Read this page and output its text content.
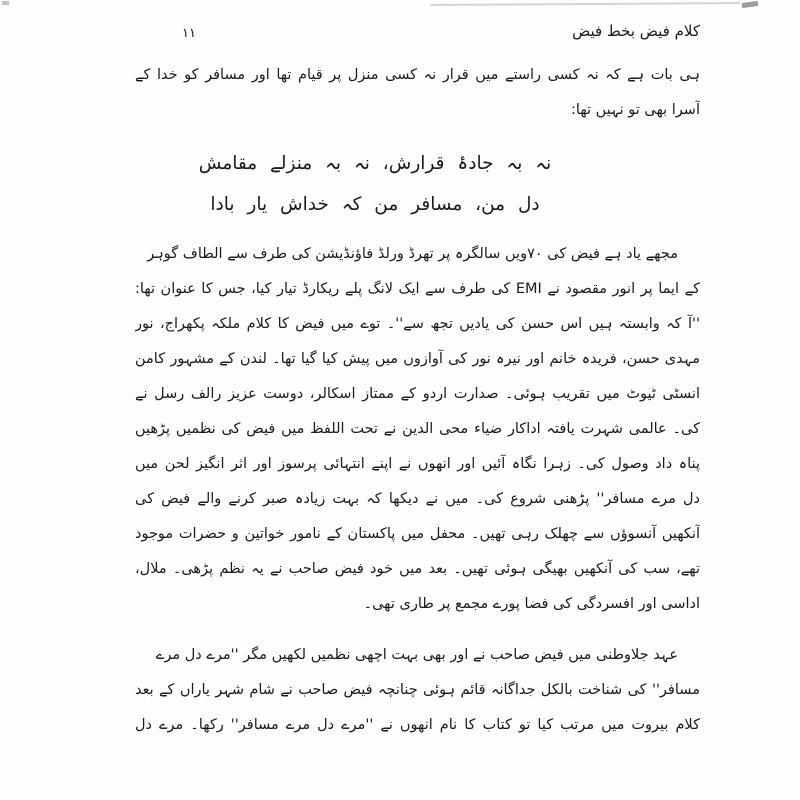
کلام فیض بخط فیض
۱۱
ہی بات ہے کہ نہ کسی راستے میں قرار نہ کسی منزل پر قیام تھا اور مسافر کو خدا کے
آسرا بھی تو نہیں تھا:
نہ بہ جادۂ قرارش، نہ بہ منزلے مقامش
دل من، مسافر من کہ خداش یار بادا
مجھے یاد ہے فیض کی ۷۰ویں سالگرہ پر تھرڈ ورلڈ فاؤنڈیشن کی طرف سے الطاف گوہر
کے ایما پر انور مقصود نے EMI کی طرف سے ایک لانگ پلے ریکارڈ تیار کیا، جس کا عنوان تھا:
''آ کہ وابستہ ہیں اس حسن کی یادیں تجھ سے''۔ توے میں فیض کا کلام ملکہ پکھراج، نور
مہدی حسن، فریدہ خانم اور نیرہ نور کی آوازوں میں پیش کیا گیا تھا۔ لندن کے مشہور کامن
انسٹی ٹیوٹ میں تقریب ہوئی۔ صدارت اردو کے ممتاز اسکالر، دوست عزیز رالف رسل نے
کی۔ عالمی شہرت یافتہ اداکار ضیاء محی الدین نے تحت اللفظ میں فیض کی نظمیں پڑھیں
پناہ داد وصول کی۔ زہرا نگاہ آئیں اور انھوں نے اپنے انتہائی پرسوز اور اثر انگیز لحن میں
دل مرے مسافر'' پڑھنی شروع کی۔ میں نے دیکھا کہ بہت زیادہ صبر کرنے والے فیض کی
آنکھیں آنسوؤں سے چھلک رہی تھیں۔ محفل میں پاکستان کے نامور خواتین و حضرات موجود
تھے، سب کی آنکھیں بھیگی ہوئی تھیں۔ بعد میں خود فیض صاحب نے یہ نظم پڑھی۔ ملال،
اداسی اور افسردگی کی فضا پورے مجمع پر طاری تھی۔
عہد جلاوطنی میں فیض صاحب نے اور بھی بہت اچھی نظمیں لکھیں مگر ''مرے دل مرے
مسافر'' کی شناخت بالکل جداگانہ قائم ہوئی چنانچہ فیض صاحب نے شام شہر یاراں کے بعد
کلام بیروت میں مرتب کیا تو کتاب کا نام انھوں نے ''مرے دل مرے مسافر'' رکھا۔ مرے دل
